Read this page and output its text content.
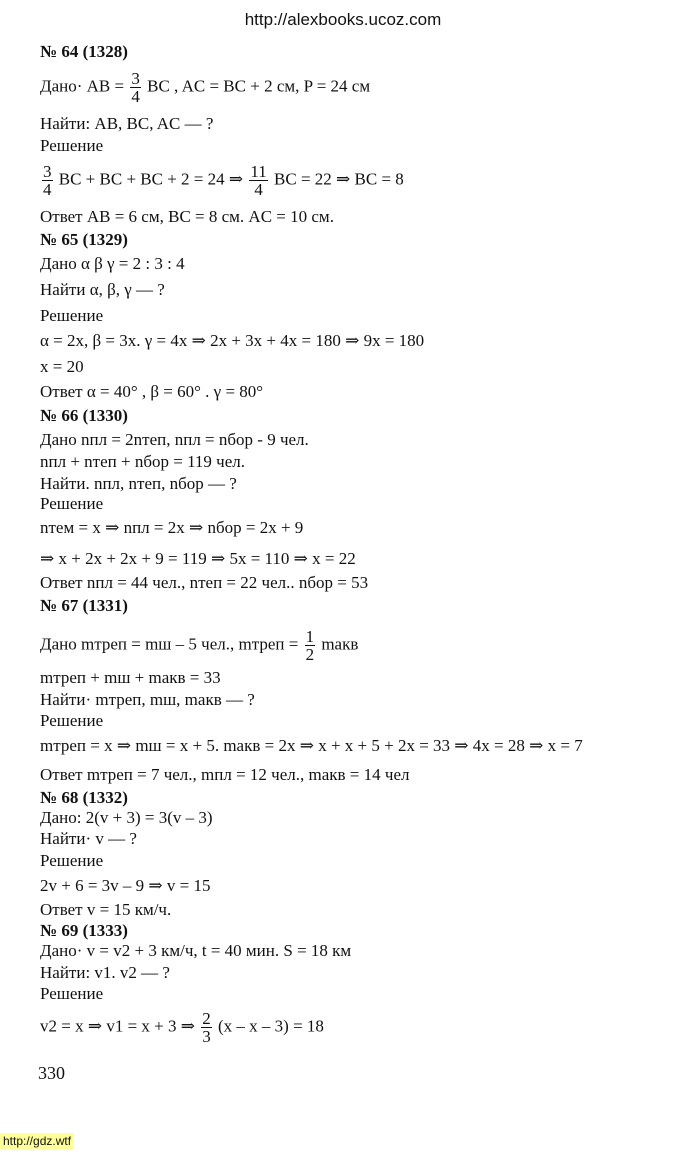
http://alexbooks.ucoz.com
№ 64 (1328)
Дано· AB = $\frac{3}{4}$ BC , AC = BC + 2 см, P = 24 см
Найти: AB, BC, AC — ?
Решение
$\frac{3}{4}$ BC + BC + BC + 2 = 24 ⇒ $\frac{11}{4}$ BC = 22 ⇒ BC = 8
Ответ AB = 6 см, BC = 8 см. AC = 10 см.
№ 65 (1329)
Дано α β γ = 2 : 3 : 4
Найти α, β, γ — ?
Решение
α = 2x, β = 3x. γ = 4x ⇒ 2x + 3x + 4x = 180 ⇒ 9x = 180
x = 20
Ответ α = 40° , β = 60° . γ = 80°
№ 66 (1330)
Дано nпл = 2nтеп, nпл = nбор - 9 чел.
nпл + nтеп + nбор = 119 чел.
Найти. nпл, nтеп, nбор — ?
Решение
nтем = x ⇒ nпл = 2x ⇒ nбор = 2x + 9
⇒ x + 2x + 2x + 9 = 119 ⇒ 5x = 110 ⇒ x = 22
Ответ nпл = 44 чел., nтеп = 22 чел.. nбор = 53
№ 67 (1331)
Дано mтреп = mш – 5 чел., mтреп = $\frac{1}{2}$ mакв
mтреп + mш + mакв = 33
Найти· mтреп, mш, mакв — ?
Решение
mтреп = x ⇒ mш = x + 5. mакв = 2x ⇒ x + x + 5 + 2x = 33 ⇒ 4x = 28 ⇒ x = 7
Ответ mтреп = 7 чел., mпл = 12 чел., mакв = 14 чел
№ 68 (1332)
Дано: 2(v + 3) = 3(v – 3)
Найти· v — ?
Решение
2v + 6 = 3v – 9 ⇒ v = 15
Ответ v = 15 км/ч.
№ 69 (1333)
Дано· v = v2 + 3 км/ч, t = 40 мин. S = 18 км
Найти: v1. v2 — ?
Решение
v2 = x ⇒ v1 = x + 3 ⇒ $\frac{2}{3} (x - x - 3) = 18$
330
http://gdz.wtf
